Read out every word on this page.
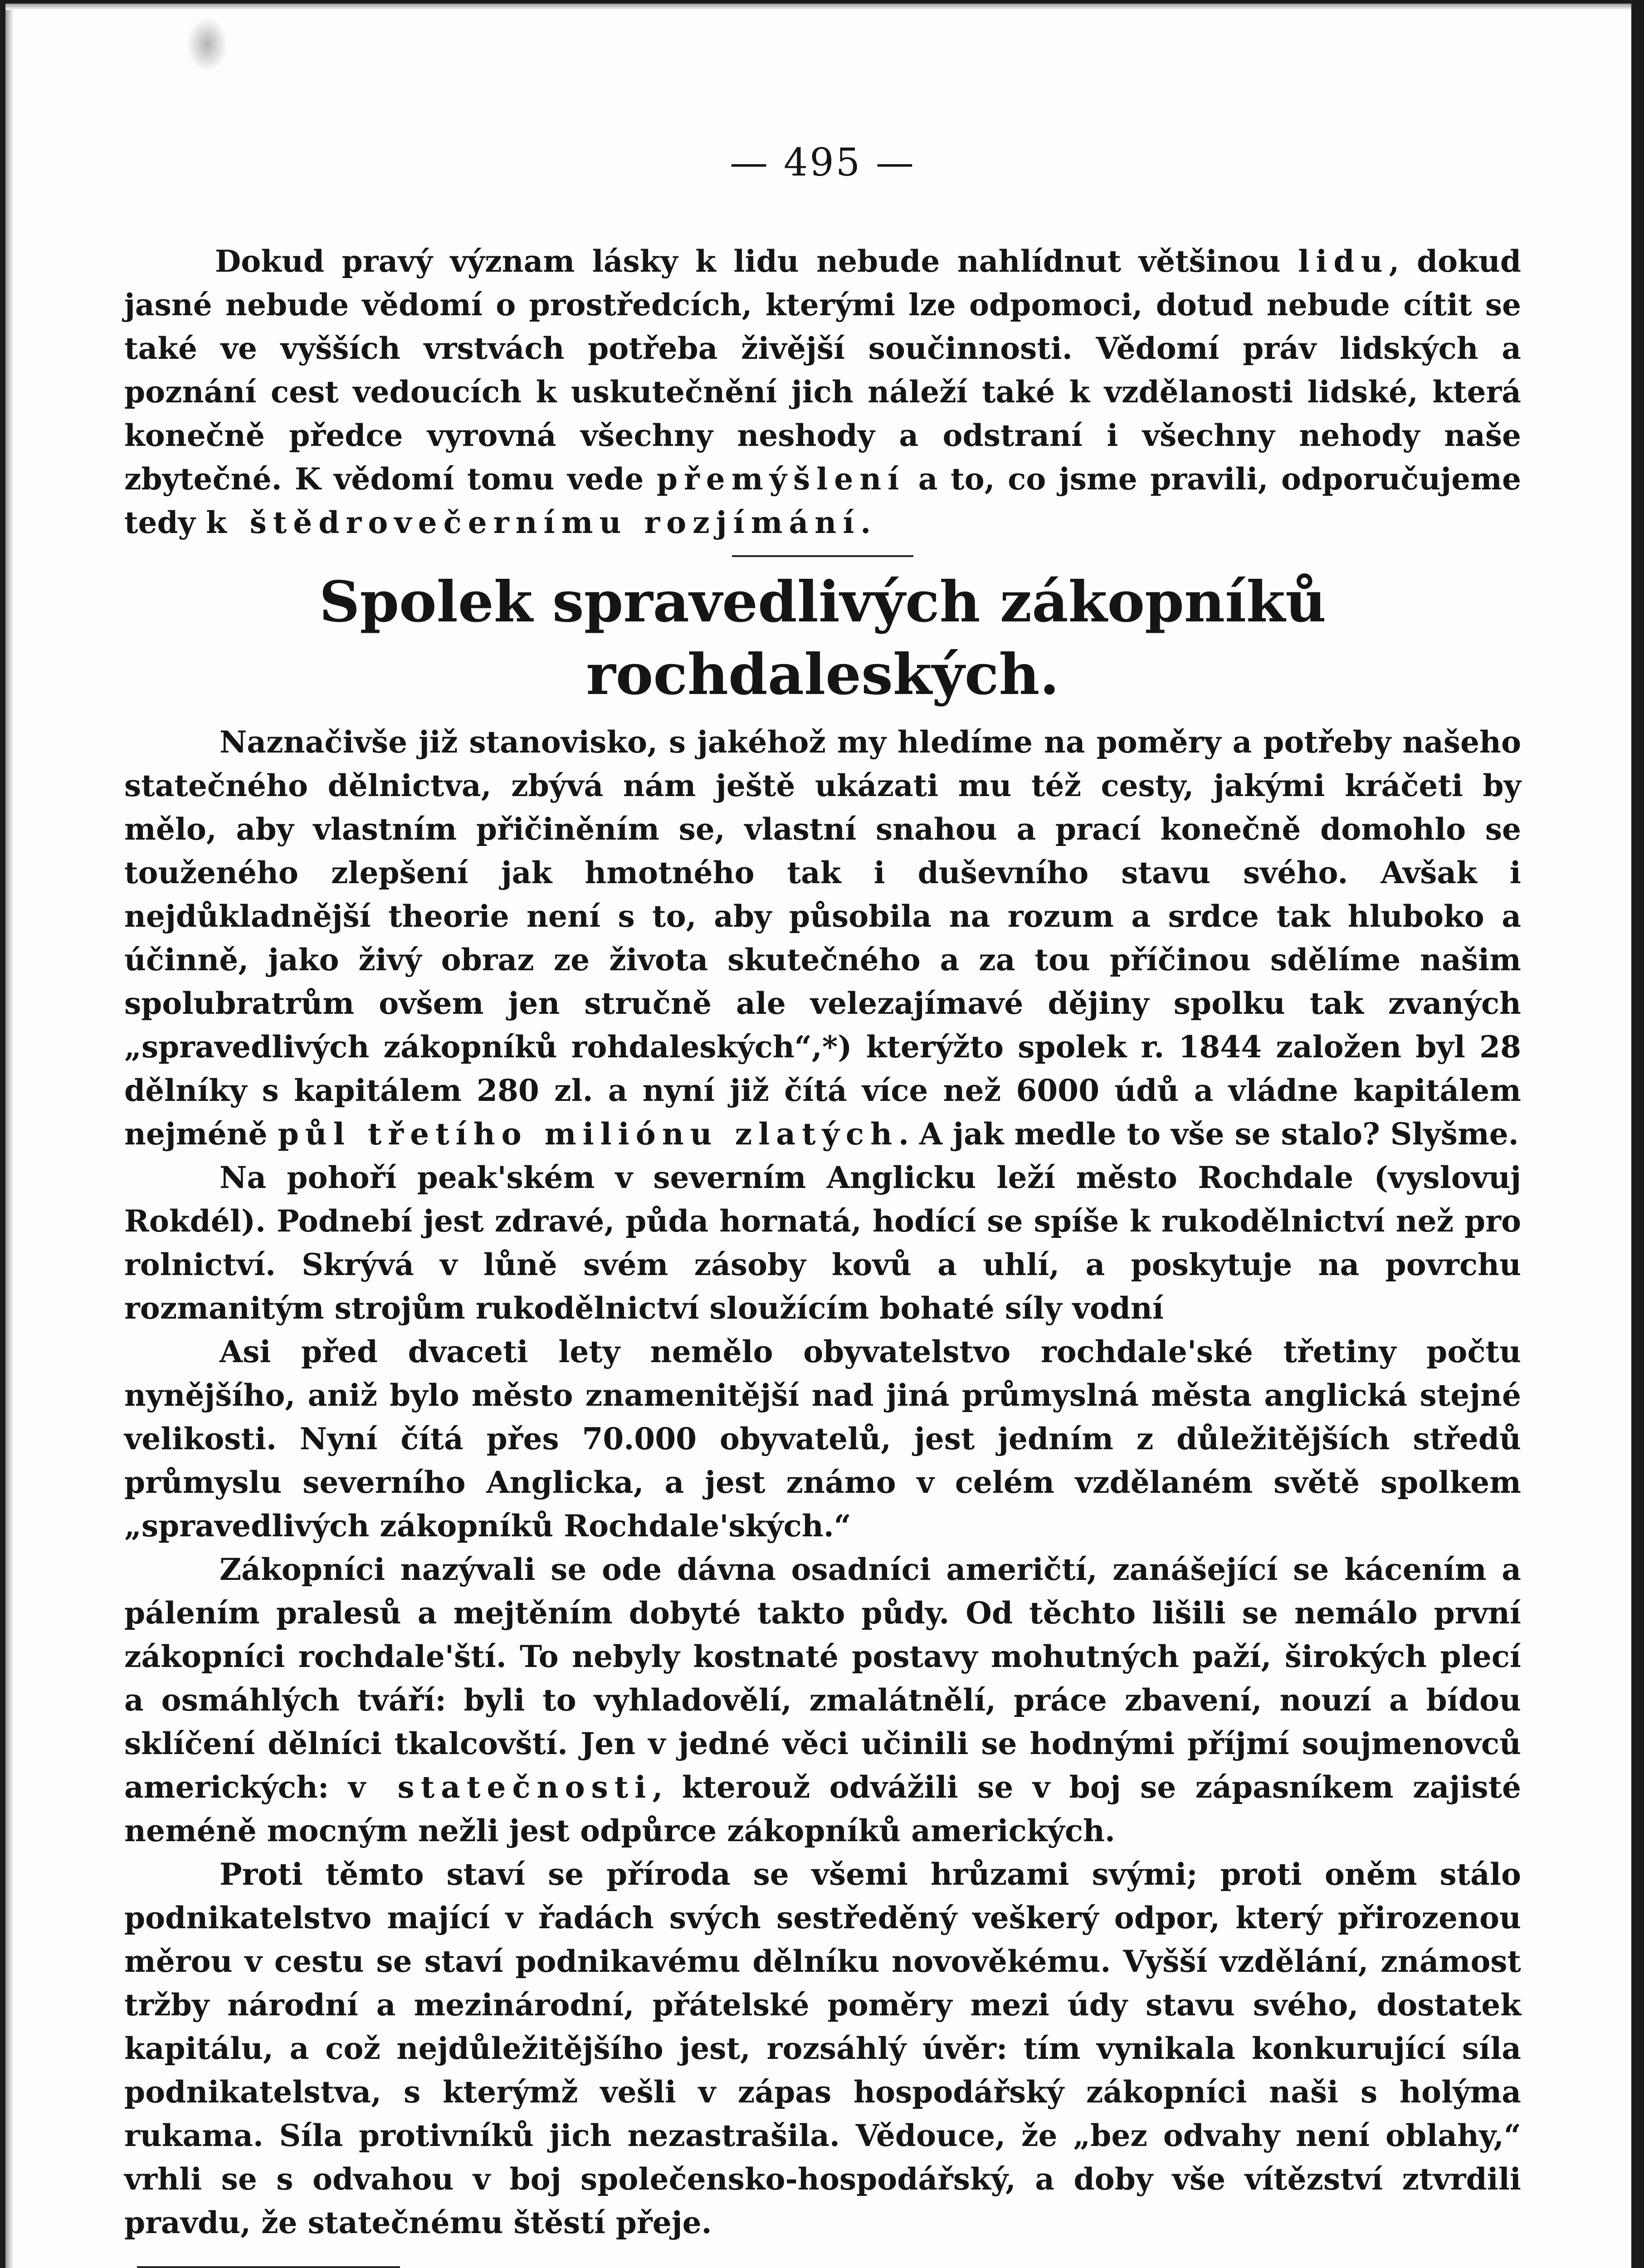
— 495 —

Dokud pravý význam lásky k lidu nebude nahlídnut většinou lidu, dokud jasné nebude vědomí o prostředcích, kterými lze odpomoci, dotud nebude cítit se také ve vyšších vrstvách potřeba živější součinnosti. Vědomí práv lidských a poznání cest vedoucích k uskutečnění jich náleží také k vzdělanosti lidské, která konečně předce vyrovná všechny neshody a odstraní i všechny nehody naše zbytečné. K vědomí tomu vede přemýšlení a to, co jsme pravili, odporučujeme tedy k štědrovečernímu rozjímání.

Spolek spravedlivých zákopníků rochdaleských.

Naznačivše již stanovisko, s jakéhož my hledíme na poměry a potřeby našeho statečného dělnictva, zbývá nám ještě ukázati mu též cesty, jakými kráčeti by mělo, aby vlastním přičiněním se, vlastní snahou a prací konečně domohlo se touženého zlepšení jak hmotného tak i duševního stavu svého. Avšak i nejdůkladnější theorie není s to, aby působila na rozum a srdce tak hluboko a účinně, jako živý obraz ze života skutečného a za tou příčinou sdělíme našim spolubratrům ovšem jen stručně ale velezajímavé dějiny spolku tak zvaných „spravedlivých zákopníků rohdaleských“,*) kterýžto spolek r. 1844 založen byl 28 dělníky s kapitálem 280 zl. a nyní již čítá více než 6000 údů a vládne kapitálem nejméně půl třetího miliónu zlatých. A jak medle to vše se stalo? Slyšme.

Na pohoří peak'ském v severním Anglicku leží město Rochdale (vyslovuj Rokdél). Podnebí jest zdravé, půda hornatá, hodící se spíše k rukodělnictví než pro rolnictví. Skrývá v lůně svém zásoby kovů a uhlí, a poskytuje na povrchu rozmanitým strojům rukodělnictví sloužícím bohaté síly vodní

Asi před dvaceti lety nemělo obyvatelstvo rochdale'ské třetiny počtu nynějšího, aniž bylo město znamenitější nad jiná průmyslná města anglická stejné velikosti. Nyní čítá přes 70.000 obyvatelů, jest jedním z důležitějších středů průmyslu severního Anglicka, a jest známo v celém vzdělaném světě spolkem „spravedlivých zákopníků Rochdale'ských.“

Zákopníci nazývali se ode dávna osadníci američtí, zanášející se kácením a pálením pralesů a mejtěním dobyté takto půdy. Od těchto lišili se nemálo první zákopníci rochdale'ští. To nebyly kostnaté postavy mohutných paží, širokých plecí a osmáhlých tváří: byli to vyhladovělí, zmalátnělí, práce zbavení, nouzí a bídou sklíčení dělníci tkalcovští. Jen v jedné věci učinili se hodnými příjmí soujmenovců amerických: v statečnosti, kterouž odvážili se v boj se zápasníkem zajisté neméně mocným nežli jest odpůrce zákopníků amerických.

Proti těmto staví se příroda se všemi hrůzami svými; proti oněm stálo podnikatelstvo mající v řadách svých sestředěný veškerý odpor, který přirozenou měrou v cestu se staví podnikavému dělníku novověkému. Vyšší vzdělání, známost tržby národní a mezinárodní, přátelské poměry mezi údy stavu svého, dostatek kapitálu, a což nejdůležitějšího jest, rozsáhlý úvěr: tím vynikala konkurující síla podnikatelstva, s kterýmž vešli v zápas hospodářský zákopníci naši s holýma rukama. Síla protivníků jich nezastrašila. Vědouce, že „bez odvahy není oblahy,“ vrhli se s odvahou v boj společensko-hospodářský, a doby vše vítězství ztvrdili pravdu, že statečnému štěstí přeje.
